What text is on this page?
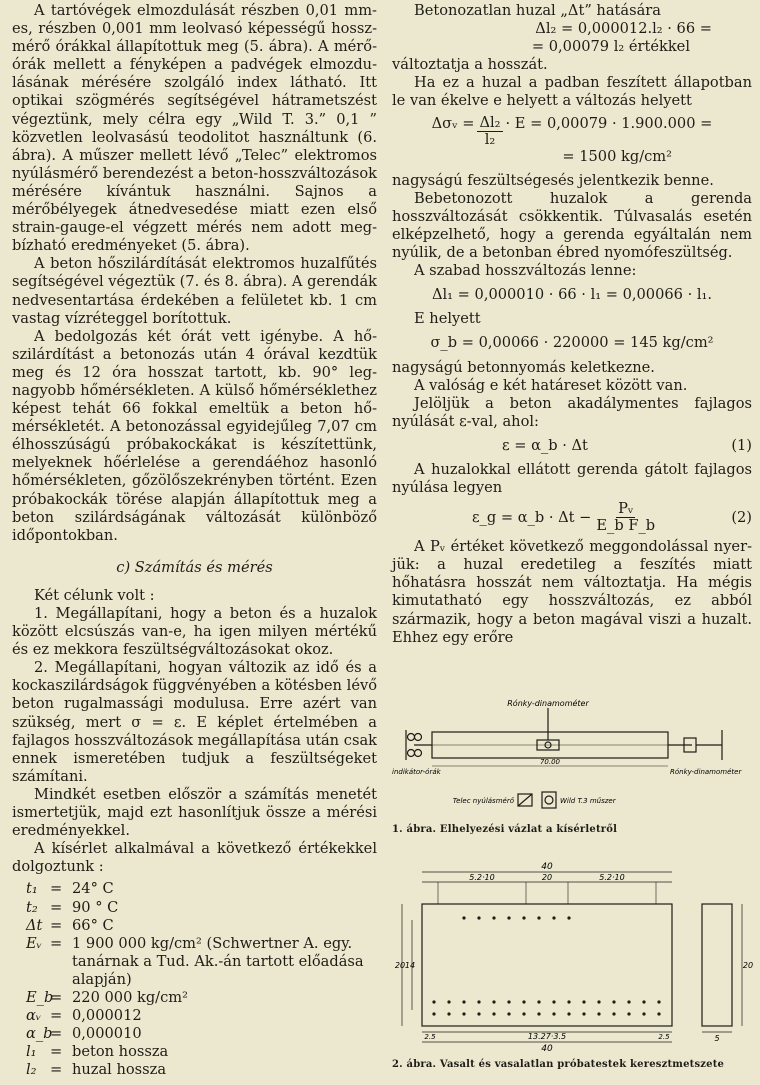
A tartóvégek elmozdulását részben 0,01 mm-es, részben 0,001 mm leolvasó képességű hosszmérő órákkal állapítottuk meg (5. ábra). A mérőórák mellett a fényképen a padvégek elmozdulásának mérésére szolgáló index látható. Itt optikai szögmérés segítségével hátrametszést végeztünk, mely célra egy „Wild T. 3.” 0,1 ” közvetlen leolvasású teodolitot használtunk (6. ábra). A műszer mellett lévő „Telec” elektromos nyúlásmérő berendezést a beton-hosszváltozások mérésére kívántuk használni. Sajnos a mérőbélyegek átnedvesedése miatt ezen első strain-gauge-el végzett mérés nem adott megbízható eredményeket (5. ábra).

A beton hőszilárdítását elektromos huzalfűtés segítségével végeztük (7. és 8. ábra). A gerendák nedvesentartása érdekében a felületet kb. 1 cm vastag vízréteggel borítottuk.

A bedolgozás két órát vett igénybe. A hőszilárdítást a betonozás után 4 órával kezdtük meg és 12 óra hosszat tartott, kb. 90° legnagyobb hőmérsékleten. A külső hőmérséklethez képest tehát 66 fokkal emeltük a beton hőmérsékletét. A betonozással egyidejűleg 7,07 cm élhosszúságú próbakockákat is készítettünk, melyeknek hőérlelése a gerendáéhoz hasonló hőmérsékleten, gőzölőszekrényben történt. Ezen próbakockák törése alapján állapítottuk meg a beton szilárdságának változását különböző időpontokban.

c) Számítás és mérés

Két célunk volt :

1. Megállapítani, hogy a beton és a huzalok között elcsúszás van-e, ha igen milyen mértékű és ez mekkora feszültségváltozásokat okoz.

2. Megállapítani, hogyan változik az idő és a kockaszilárdságok függvényében a kötésben lévő beton rugalmassági modulusa. Erre azért van szükség, mert σ = ε. E képlet értelmében a fajlagos hosszváltozások megállapítása után csak ennek ismeretében tudjuk a feszültségeket számítani.

Mindkét esetben először a számítás menetét ismertetjük, majd ezt hasonlítjuk össze a mérési eredményekkel.

A kísérlet alkalmával a következő értékekkel dolgoztunk :

t₁ = 24° C
t₂ = 90 ° C
Δt = 66° C
Eᵥ = 1 900 000 kg/cm² (Schwertner A. egy. tanárnak a Tud. Ak.-án tartott előadása alapján)
E_b
= 220 000 kg/cm²
αᵥ = 0,000012
α_b
= 0,000010
l₁ = beton hossza
l₂ = huzal hossza

Betonozatlan huzal „Δt” hatására

Δl₂ = 0,000012.l₂ · 66 =
= 0,00079 l₂ értékkel

változtatja a hosszát.

Ha ez a huzal a padban feszített állapotban le van ékelve e helyett a változás helyett

Δσᵥ = $\frac{\text{Δl₂}}{\text{l₂}} \cdot E = 0,00079 \cdot 1.900.000$ =
= 1500 kg/cm²

nagyságú feszültségesés jelentkezik benne.

Bebetonozott huzalok a gerenda hosszváltozását csökkentik. Túlvasalás esetén elképzelhető, hogy a gerenda egyáltalán nem nyúlik, de a betonban ébred nyomófeszültség.

A szabad hosszváltozás lenne:

Δl₁ = 0,000010 · 66 · l₁ = 0,00066 · l₁.

E helyett

σ_b = 0,00066 · 220000 = 145 kg/cm²

nagyságú betonnyomás keletkezne.

A valóság e két határeset között van.

Jelöljük a beton akadálymentes fajlagos nyúlását ε-val, ahol:

ε = α_b · Δt	(1)

A huzalokkal ellátott gerenda gátolt fajlagos nyúlása legyen

ε_g = α_b · $\Delta t - \frac{\text{Pᵥ}}{\text{E\_b F\_b}}$	(2)

A Pᵥ értéket következő meggondolással nyerjük: a huzal eredetileg a feszítés miatt hőhatásra hosszát nem változtatja. Ha mégis kimutatható egy hosszváltozás, ez abból származik, hogy a beton magával viszi a huzalt. Ehhez egy erőre

Rónky-dinamométer
70.00
indikátor-órák	Rónky-dinamométer
Telec nyúlásmérő	Wild T.3 műszer
1. ábra. Elhelyezési vázlat a kísérletről
40
5.2·10	20	5.2·10
20 14
2.5	13.27·3.5	2.5
40
20
5
2. ábra. Vasalt és vasalatlan próbatestek keresztmetszete
